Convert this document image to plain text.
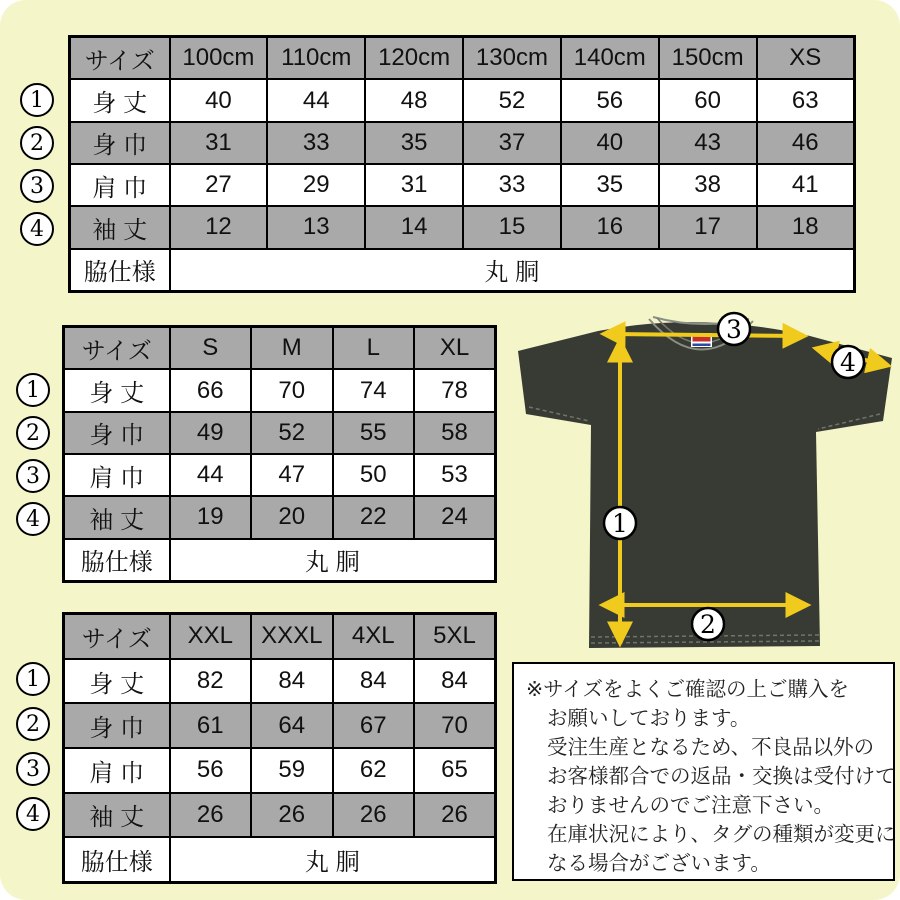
サイズ	100cm	110cm	120cm	130cm	140cm	150cm	XS
身 丈	40	44	48	52	56	60	63
身 巾	31	33	35	37	40	43	46
肩 巾	27	29	31	33	35	38	41
袖 丈	12	13	14	15	16	17	18
脇仕様	丸 胴						
1
2
3
4
サイズ	S	M	L	XL
身 丈	66	70	74	78
身 巾	49	52	55	58
肩 巾	44	47	50	53
袖 丈	19	20	22	24
脇仕様	丸 胴			
1
2
3
4
サイズ	XXL	XXXL	4XL	5XL
身 丈	82	84	84	84
身 巾	61	64	67	70
肩 巾	56	59	62	65
袖 丈	26	26	26	26
脇仕様	丸 胴			
1
2
3
4
3
4
1
2
※サイズをよくご確認の上ご購入を
お願いしております。
受注生産となるため、不良品以外の
お客様都合での返品・交換は受付けて
おりませんのでご注意下さい。
在庫状況により、タグの種類が変更に
なる場合がございます。
